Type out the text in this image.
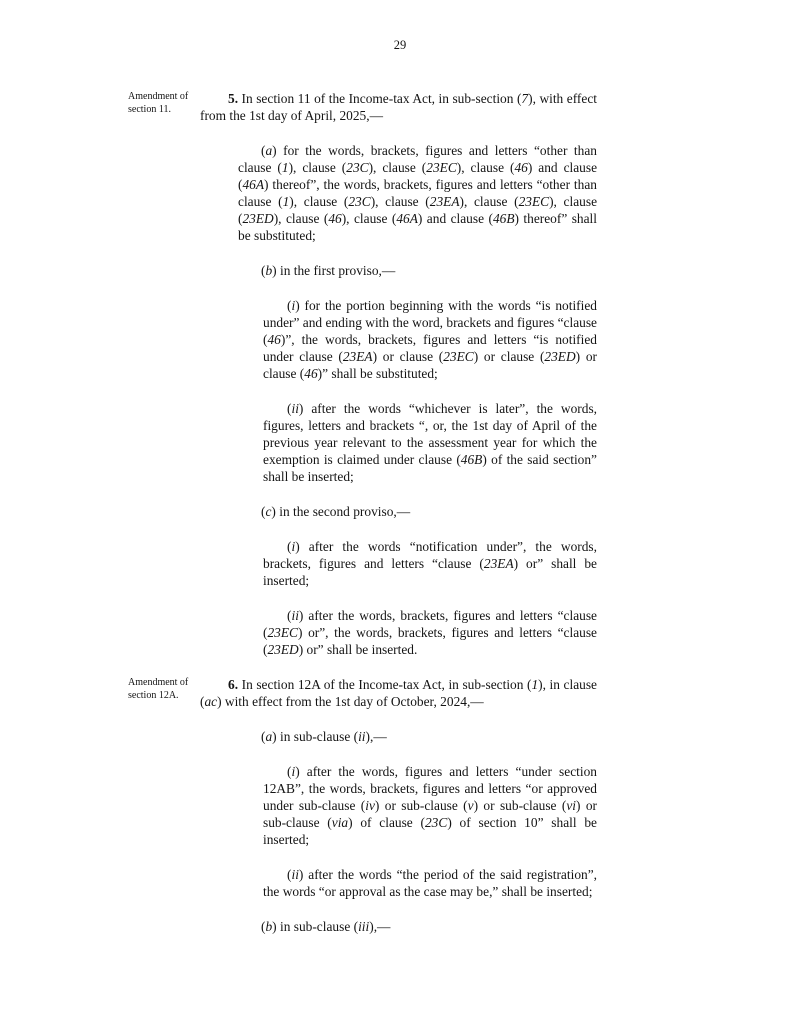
29
Amendment of section 11.
5. In section 11 of the Income-tax Act, in sub-section (7), with effect from the 1st day of April, 2025,—
(a) for the words, brackets, figures and letters “other than clause (1), clause (23C), clause (23EC), clause (46) and clause (46A) thereof”, the words, brackets, figures and letters “other than clause (1), clause (23C), clause (23EA), clause (23EC), clause (23ED), clause (46), clause (46A) and clause (46B) thereof” shall be substituted;
(b) in the first proviso,—
(i) for the portion beginning with the words “is notified under” and ending with the word, brackets and figures “clause (46)”, the words, brackets, figures and letters “is notified under clause (23EA) or clause (23EC) or clause (23ED) or clause (46)” shall be substituted;
(ii) after the words “whichever is later”, the words, figures, letters and brackets “, or, the 1st day of April of the previous year relevant to the assessment year for which the exemption is claimed under clause (46B) of the said section” shall be inserted;
(c) in the second proviso,—
(i) after the words “notification under”, the words, brackets, figures and letters “clause (23EA) or” shall be inserted;
(ii) after the words, brackets, figures and letters “clause (23EC) or”, the words, brackets, figures and letters “clause (23ED) or” shall be inserted.
Amendment of section 12A.
6. In section 12A of the Income-tax Act, in sub-section (1), in clause (ac) with effect from the 1st day of October, 2024,—
(a) in sub-clause (ii),—
(i) after the words, figures and letters “under section 12AB”, the words, brackets, figures and letters “or approved under sub-clause (iv) or sub-clause (v) or sub-clause (vi) or sub-clause (via) of clause (23C) of section 10” shall be inserted;
(ii) after the words “the period of the said registration”, the words “or approval as the case may be,” shall be inserted;
(b) in sub-clause (iii),—
